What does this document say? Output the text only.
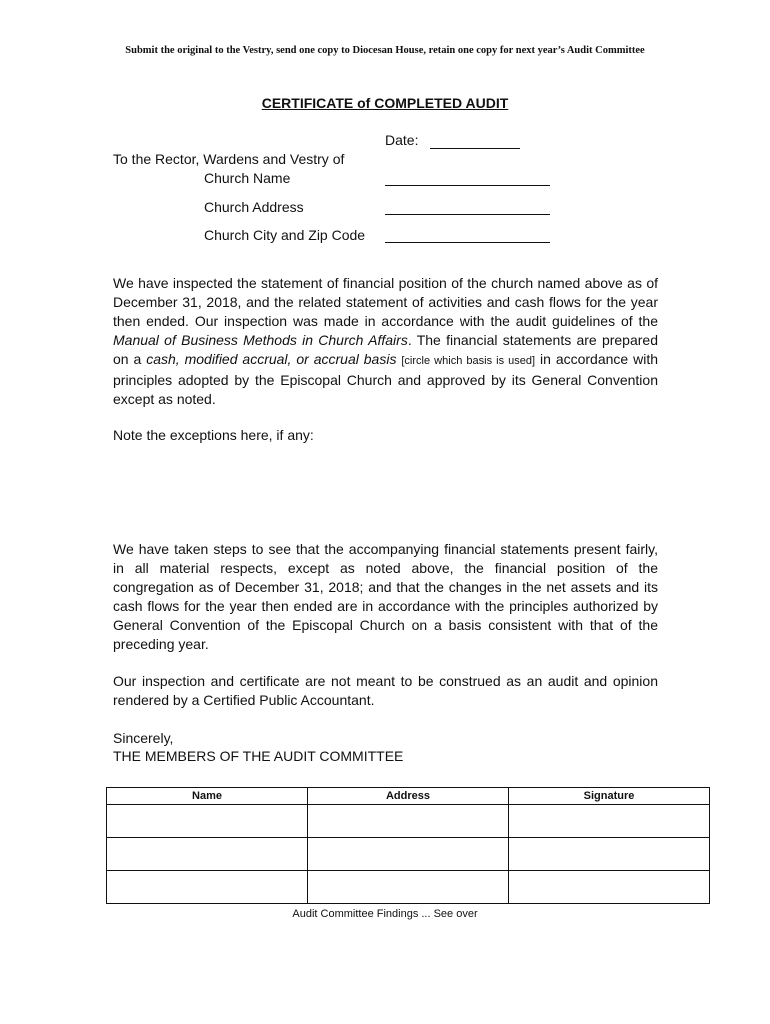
Submit the original to the Vestry, send one copy to Diocesan House, retain one copy for next year’s Audit Committee
CERTIFICATE of COMPLETED AUDIT
Date:
To the Rector, Wardens and Vestry of
Church Name
Church Address
Church City and Zip Code
We have inspected the statement of financial position of the church named above as of December 31, 2018, and the related statement of activities and cash flows for the year then ended. Our inspection was made in accordance with the audit guidelines of the Manual of Business Methods in Church Affairs. The financial statements are prepared on a cash, modified accrual, or accrual basis [circle which basis is used] in accordance with principles adopted by the Episcopal Church and approved by its General Convention except as noted.
Note the exceptions here, if any:
We have taken steps to see that the accompanying financial statements present fairly, in all material respects, except as noted above, the financial position of the congregation as of December 31, 2018; and that the changes in the net assets and its cash flows for the year then ended are in accordance with the principles authorized by General Convention of the Episcopal Church on a basis consistent with that of the preceding year.
Our inspection and certificate are not meant to be construed as an audit and opinion rendered by a Certified Public Accountant.
Sincerely,
THE MEMBERS OF THE AUDIT COMMITTEE
Name	Address	Signature

Audit Committee Findings ... See over
